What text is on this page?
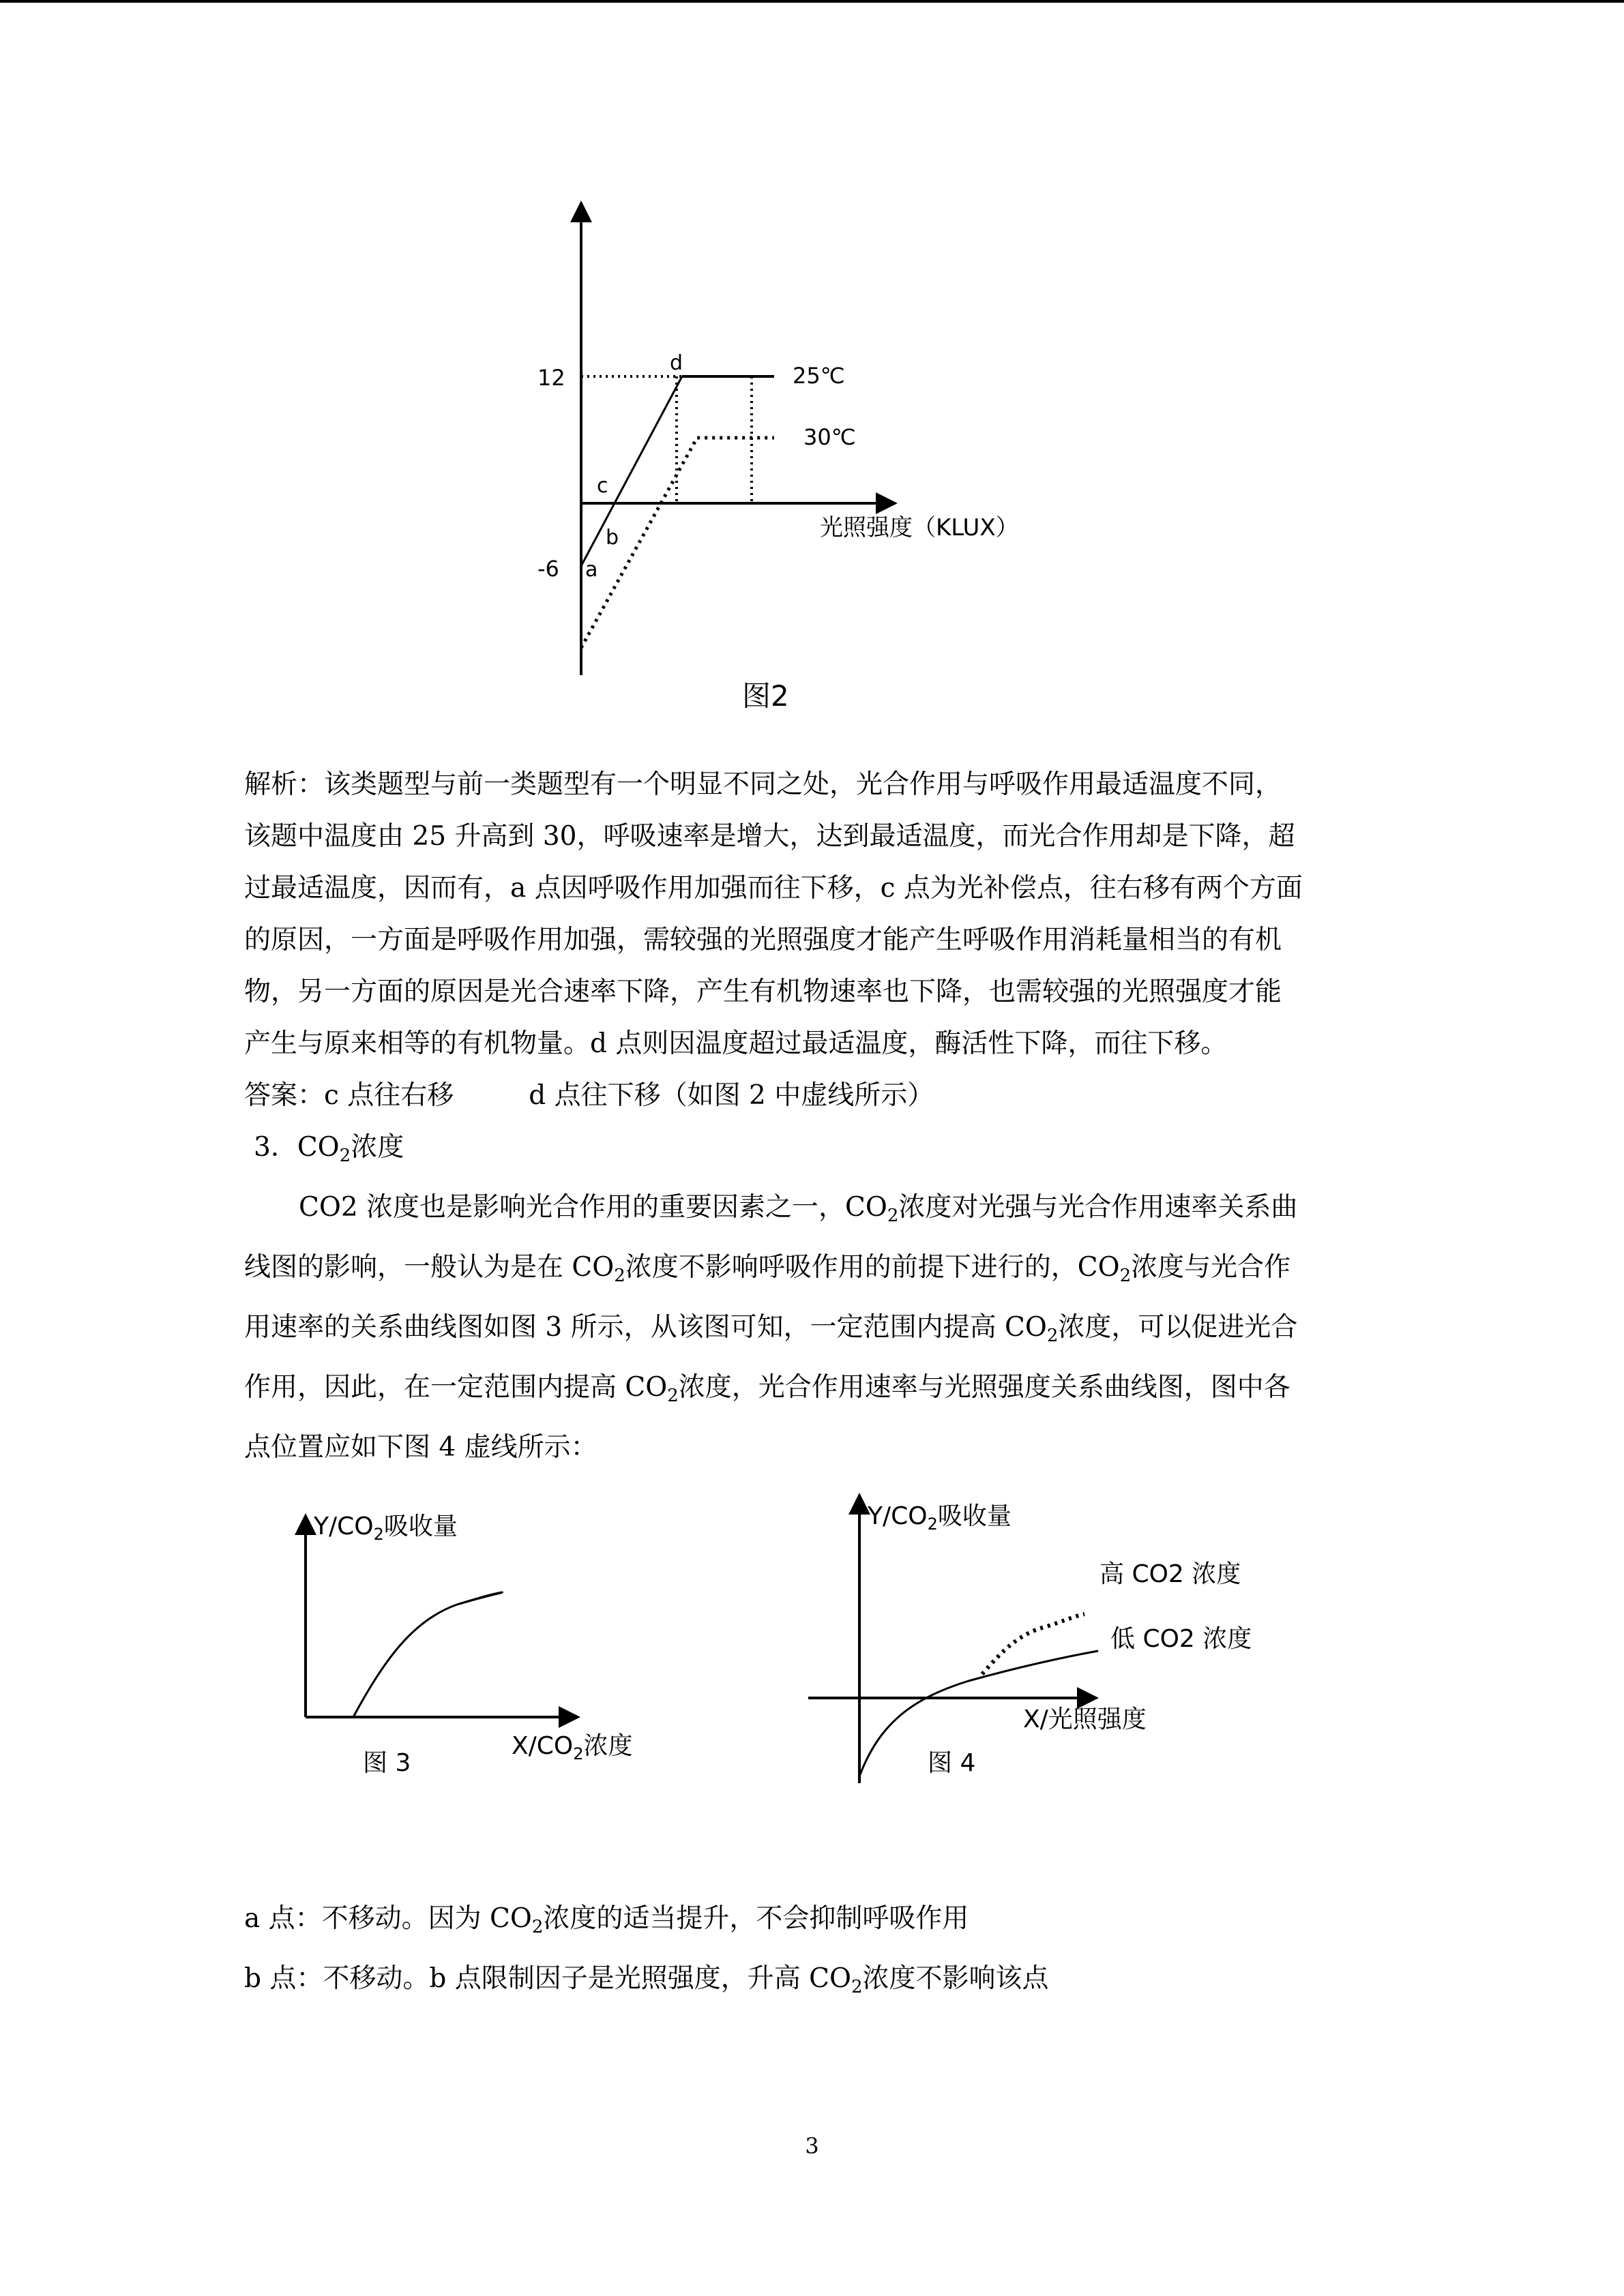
12
-6 a
b
c
d	25℃
30℃
光照强度（KLUX）
图2

解析：该类题型与前一类题型有一个明显不同之处，光合作用与呼吸作用最适温度不同，

该题中温度由 25 升高到 30，呼吸速率是增大，达到最适温度，而光合作用却是下降，超

过最适温度，因而有，a 点因呼吸作用加强而往下移，c 点为光补偿点，往右移有两个方面

的原因，一方面是呼吸作用加强，需较强的光照强度才能产生呼吸作用消耗量相当的有机

物，另一方面的原因是光合速率下降，产生有机物速率也下降，也需较强的光照强度才能

产生与原来相等的有机物量。d 点则因温度超过最适温度，酶活性下降，而往下移。

答案：c 点往右移	d 点往下移（如图 2 中虚线所示）

3．$CO_2$浓度

CO2 浓度也是影响光合作用的重要因素之一，$CO_2$浓度对光强与光合作用速率关系曲

线图的影响，一般认为是在 $CO_2$浓度不影响呼吸作用的前提下进行的，$CO_2$浓度与光合作

用速率的关系曲线图如图 3 所示，从该图可知，一定范围内提高 $CO_2$浓度，可以促进光合

作用，因此，在一定范围内提高 $CO_2$浓度，光合作用速率与光照强度关系曲线图，图中各

点位置应如下图 4 虚线所示：

$Y/CO_2$吸收量
$X/CO_2$浓度
图 3
$Y/CO_2$吸收量
高 CO2 浓度
低 CO2 浓度
X/光照强度
图 4

a 点：不移动。因为 $CO_2$浓度的适当提升，不会抑制呼吸作用

b 点：不移动。b 点限制因子是光照强度，升高 $CO_2$浓度不影响该点

3
